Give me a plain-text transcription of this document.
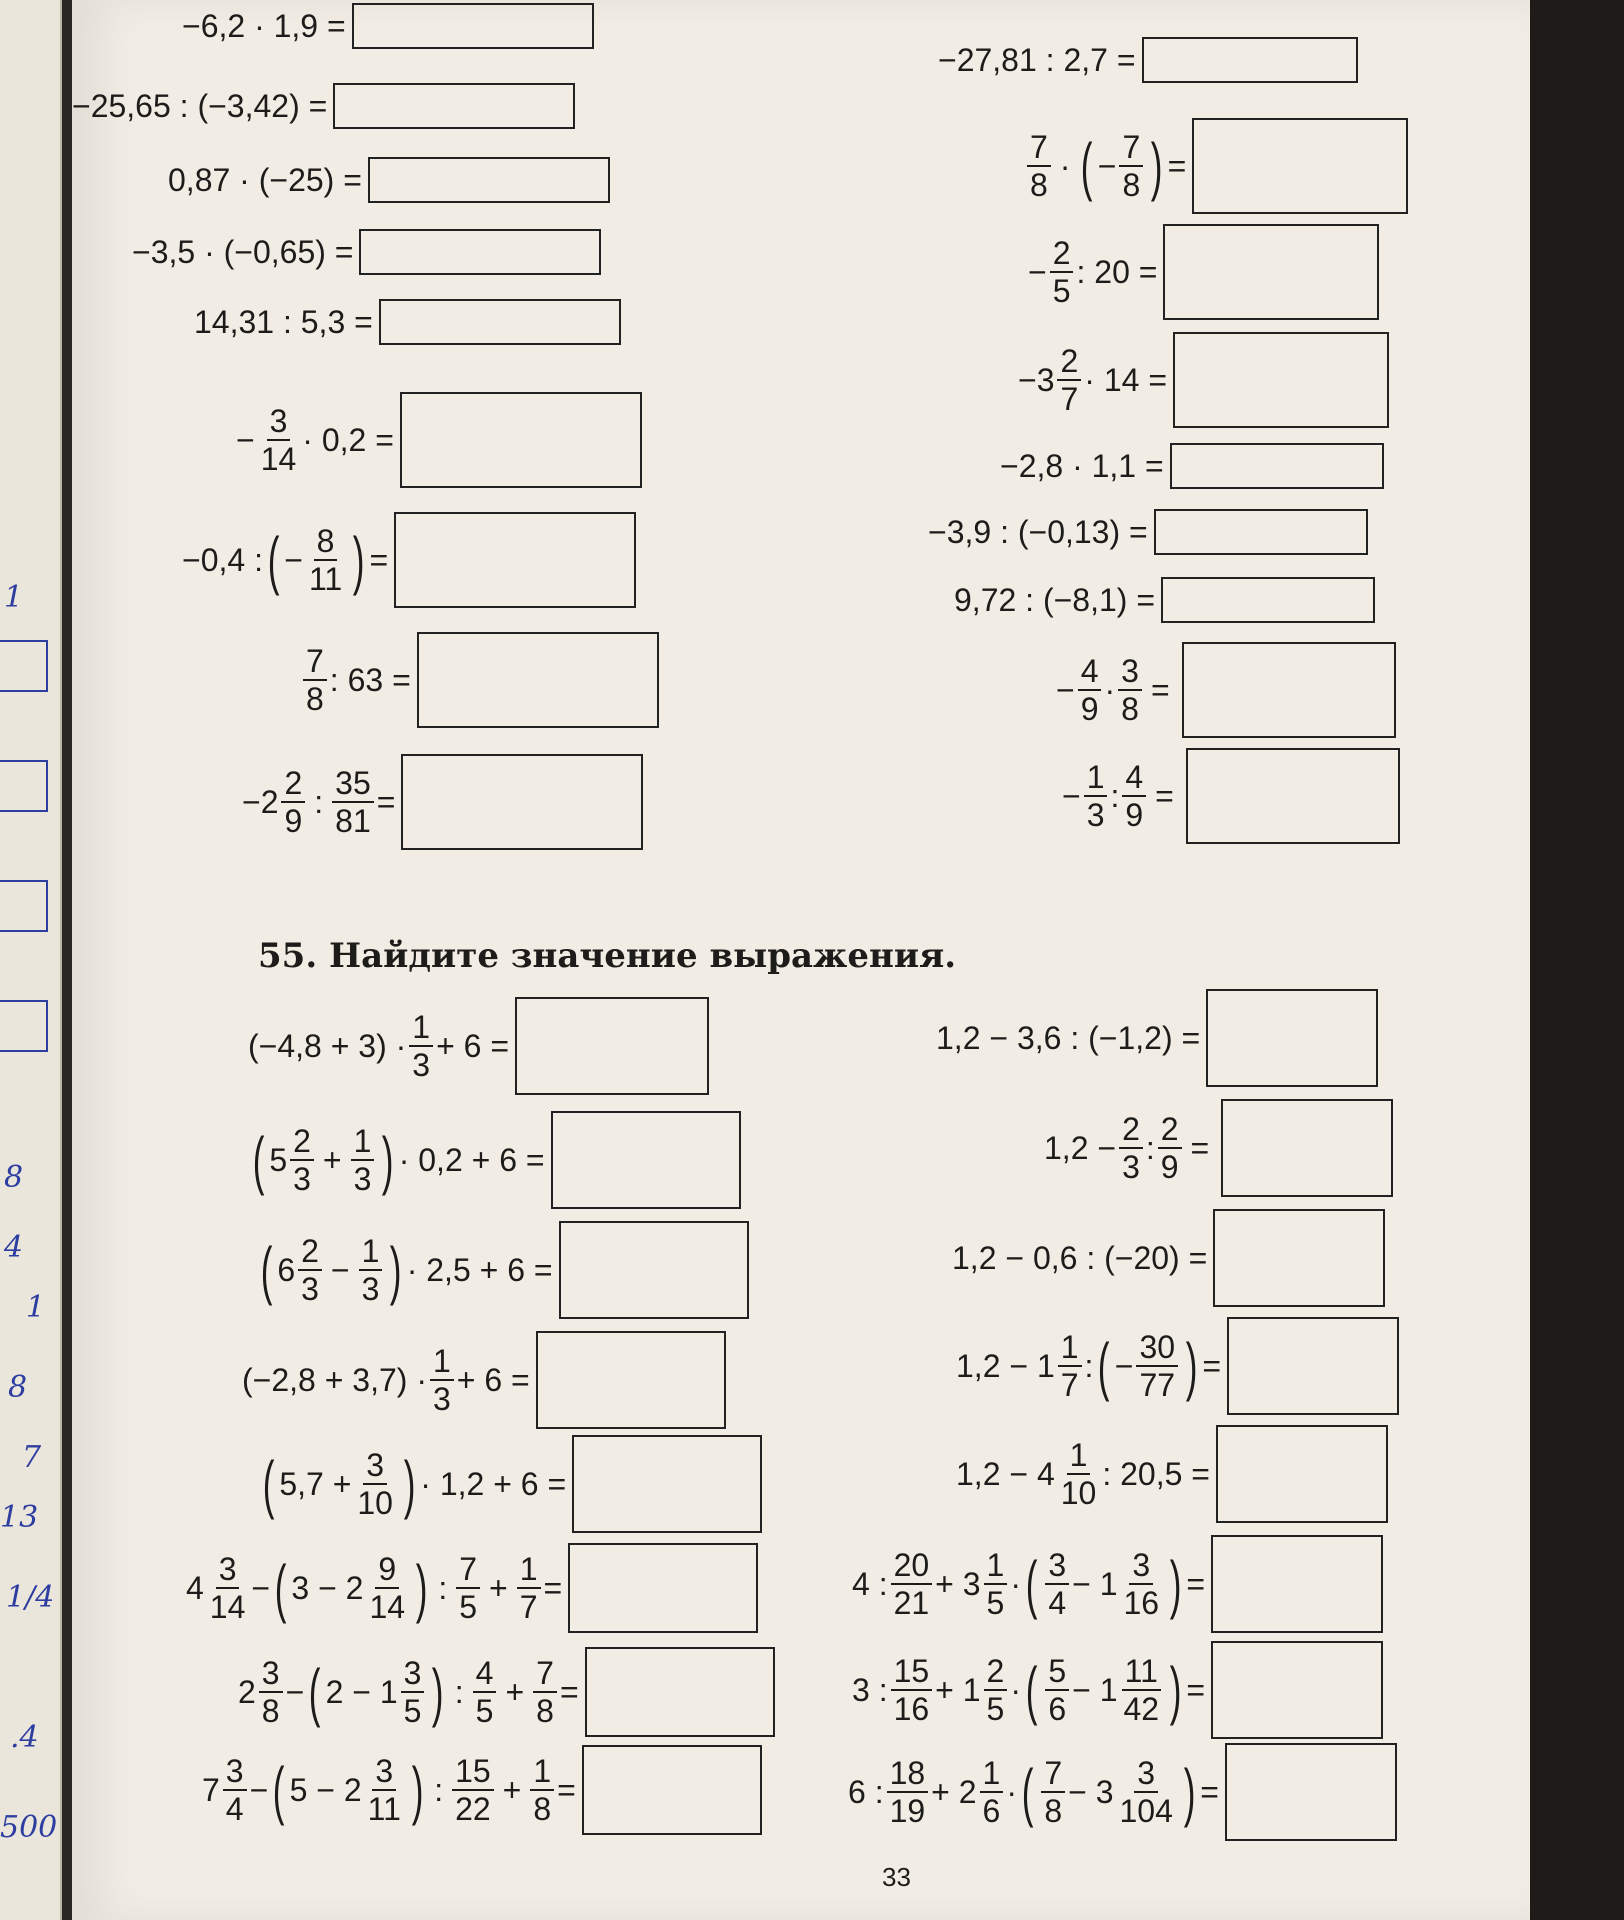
1
8
4
1
8
7
13
1/4
.4
500
−6,2 · 1,9 =
−25,65 : (−3,42) =
0,87 · (−25) =
−3,5 · (−0,65) =
14,31 : 5,3 =
− $\frac{3}{14} \cdot 0,2$ =
−0,4 : ( − $\frac{8}{11}$ ) =
$\frac{7}{8}$ : 63 =
$-2 \frac{2}{9}$ : $\frac{35}{81}$ =
−27,81 : 2,7 =
$\frac{7}{8}$ · ( − $\frac{7}{8}$ ) =
− $\frac{2}{5}$ : 20 =
$-3 \frac{2}{7} \cdot 14$ =
−2,8 · 1,1 =
−3,9 : (−0,13) =
9,72 : (−8,1) =
− $\frac{4}{9} \cdot \frac{3}{8}$ =
− $\frac{1}{3}$ : $\frac{4}{9}$ =
55. Найдите значение выражения.
$(-4,8 + 3) \cdot \frac{1}{3} + 6$ =
( $5 \frac{2}{3} + \frac{1}{3}$ ) · 0,2 + 6 =
( $6 \frac{2}{3} - \frac{1}{3}$ ) · 2,5 + 6 =
$(-2,8 + 3,7) \cdot \frac{1}{3} + 6$ =
( $5,7 + \frac{3}{10}$ ) · 1,2 + 6 =
$4 \frac{3}{14}$ − ( $3 - 2 \frac{9}{14}$ ) : $\frac{7}{5} + \frac{1}{7}$ =
$2 \frac{3}{8}$ − ( $2 - 1 \frac{3}{5}$ ) : $\frac{4}{5} + \frac{7}{8}$ =
$7 \frac{3}{4}$ − ( $5 - 2 \frac{3}{11}$ ) : $\frac{15}{22} + \frac{1}{8}$ =
1,2 − 3,6 : (−1,2) =
$1,2 - \frac{2}{3}$ : $\frac{2}{9}$ =
1,2 − 0,6 : (−20) =
$1,2 - 1 \frac{1}{7}$ : ( − $\frac{30}{77}$ ) =
$1,2 - 4 \frac{1}{10}$ : 20,5 =
4 : $\frac{20}{21} + 3 \frac{1}{5}$ · ( $\frac{3}{4} - 1 \frac{3}{16}$ ) =
3 : $\frac{15}{16} + 1 \frac{2}{5}$ · ( $\frac{5}{6} - 1 \frac{11}{42}$ ) =
6 : $\frac{18}{19} + 2 \frac{1}{6}$ · ( $\frac{7}{8} - 3 \frac{3}{104}$ ) =
33
